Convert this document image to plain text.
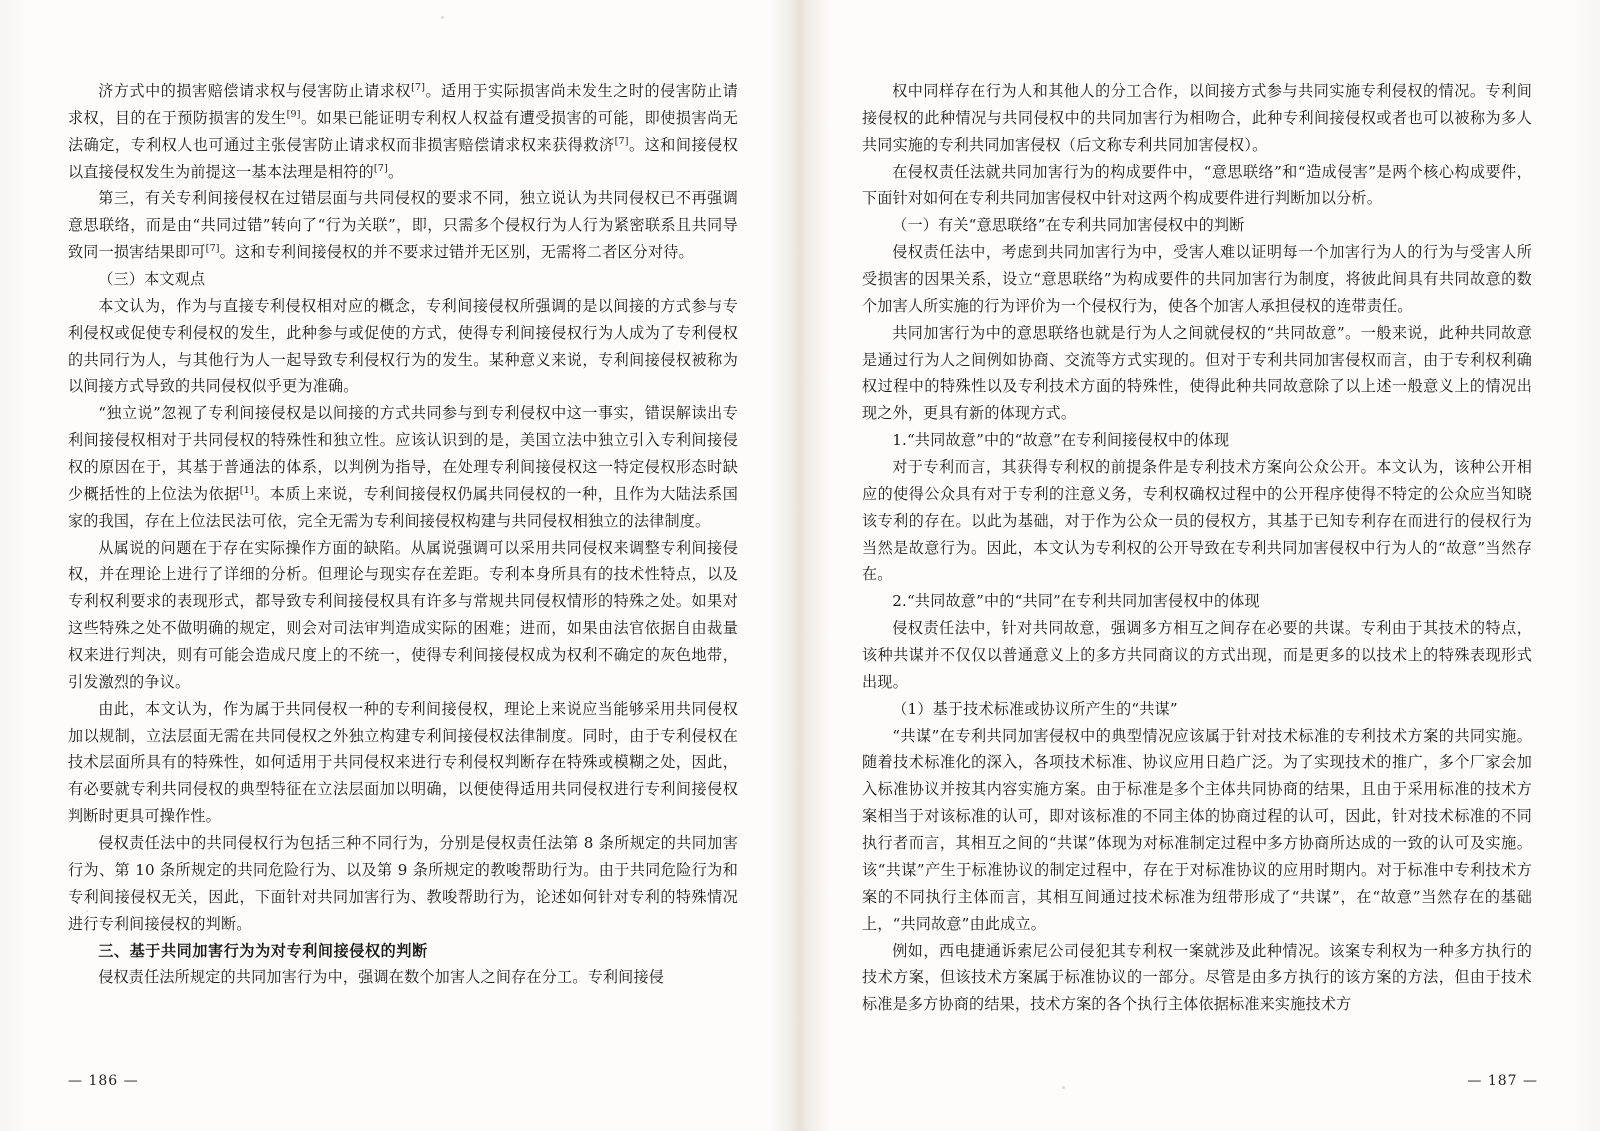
济方式中的损害赔偿请求权与侵害防止请求权[7]。适用于实际损害尚未发生之时的侵害防止请求权，目的在于预防损害的发生[9]。如果已能证明专利权人权益有遭受损害的可能，即使损害尚无法确定，专利权人也可通过主张侵害防止请求权而非损害赔偿请求权来获得救济[7]。这和间接侵权以直接侵权发生为前提这一基本法理是相符的[7]。

第三，有关专利间接侵权在过错层面与共同侵权的要求不同，独立说认为共同侵权已不再强调意思联络，而是由“共同过错”转向了“行为关联”，即，只需多个侵权行为人行为紧密联系且共同导致同一损害结果即可[7]。这和专利间接侵权的并不要求过错并无区别，无需将二者区分对待。

（三）本文观点

本文认为，作为与直接专利侵权相对应的概念，专利间接侵权所强调的是以间接的方式参与专利侵权或促使专利侵权的发生，此种参与或促使的方式，使得专利间接侵权行为人成为了专利侵权的共同行为人，与其他行为人一起导致专利侵权行为的发生。某种意义来说，专利间接侵权被称为以间接方式导致的共同侵权似乎更为准确。

“独立说”忽视了专利间接侵权是以间接的方式共同参与到专利侵权中这一事实，错误解读出专利间接侵权相对于共同侵权的特殊性和独立性。应该认识到的是，美国立法中独立引入专利间接侵权的原因在于，其基于普通法的体系，以判例为指导，在处理专利间接侵权这一特定侵权形态时缺少概括性的上位法为依据[1]。本质上来说，专利间接侵权仍属共同侵权的一种，且作为大陆法系国家的我国，存在上位法民法可依，完全无需为专利间接侵权构建与共同侵权相独立的法律制度。

从属说的问题在于存在实际操作方面的缺陷。从属说强调可以采用共同侵权来调整专利间接侵权，并在理论上进行了详细的分析。但理论与现实存在差距。专利本身所具有的技术性特点，以及专利权利要求的表现形式，都导致专利间接侵权具有许多与常规共同侵权情形的特殊之处。如果对这些特殊之处不做明确的规定，则会对司法审判造成实际的困难；进而，如果由法官依据自由裁量权来进行判决，则有可能会造成尺度上的不统一，使得专利间接侵权成为权利不确定的灰色地带，引发激烈的争议。

由此，本文认为，作为属于共同侵权一种的专利间接侵权，理论上来说应当能够采用共同侵权加以规制，立法层面无需在共同侵权之外独立构建专利间接侵权法律制度。同时，由于专利侵权在技术层面所具有的特殊性，如何适用于共同侵权来进行专利侵权判断存在特殊或模糊之处，因此，有必要就专利共同侵权的典型特征在立法层面加以明确，以便使得适用共同侵权进行专利间接侵权判断时更具可操作性。

侵权责任法中的共同侵权行为包括三种不同行为，分别是侵权责任法第 8 条所规定的共同加害行为、第 10 条所规定的共同危险行为、以及第 9 条所规定的教唆帮助行为。由于共同危险行为和专利间接侵权无关，因此，下面针对共同加害行为、教唆帮助行为，论述如何针对专利的特殊情况进行专利间接侵权的判断。

三、基于共同加害行为为对专利间接侵权的判断

侵权责任法所规定的共同加害行为中，强调在数个加害人之间存在分工。专利间接侵

— 186 —

权中同样存在行为人和其他人的分工合作，以间接方式参与共同实施专利侵权的情况。专利间接侵权的此种情况与共同侵权中的共同加害行为相吻合，此种专利间接侵权或者也可以被称为多人共同实施的专利共同加害侵权（后文称专利共同加害侵权）。

在侵权责任法就共同加害行为的构成要件中，“意思联络”和“造成侵害”是两个核心构成要件，下面针对如何在专利共同加害侵权中针对这两个构成要件进行判断加以分析。

（一）有关“意思联络”在专利共同加害侵权中的判断

侵权责任法中，考虑到共同加害行为中，受害人难以证明每一个加害行为人的行为与受害人所受损害的因果关系，设立“意思联络”为构成要件的共同加害行为制度，将彼此间具有共同故意的数个加害人所实施的行为评价为一个侵权行为，使各个加害人承担侵权的连带责任。

共同加害行为中的意思联络也就是行为人之间就侵权的“共同故意”。一般来说，此种共同故意是通过行为人之间例如协商、交流等方式实现的。但对于专利共同加害侵权而言，由于专利权利确权过程中的特殊性以及专利技术方面的特殊性，使得此种共同故意除了以上述一般意义上的情况出现之外，更具有新的体现方式。

1.“共同故意”中的“故意”在专利间接侵权中的体现

对于专利而言，其获得专利权的前提条件是专利技术方案向公众公开。本文认为，该种公开相应的使得公众具有对于专利的注意义务，专利权确权过程中的公开程序使得不特定的公众应当知晓该专利的存在。以此为基础，对于作为公众一员的侵权方，其基于已知专利存在而进行的侵权行为当然是故意行为。因此，本文认为专利权的公开导致在专利共同加害侵权中行为人的“故意”当然存在。

2.“共同故意”中的“共同”在专利共同加害侵权中的体现

侵权责任法中，针对共同故意，强调多方相互之间存在必要的共谋。专利由于其技术的特点，该种共谋并不仅仅以普通意义上的多方共同商议的方式出现，而是更多的以技术上的特殊表现形式出现。

（1）基于技术标准或协议所产生的“共谋”

“共谋”在专利共同加害侵权中的典型情况应该属于针对技术标准的专利技术方案的共同实施。随着技术标准化的深入，各项技术标准、协议应用日趋广泛。为了实现技术的推广，多个厂家会加入标准协议并按其内容实施方案。由于标准是多个主体共同协商的结果，且由于采用标准的技术方案相当于对该标准的认可，即对该标准的不同主体的协商过程的认可，因此，针对技术标准的不同执行者而言，其相互之间的“共谋”体现为对标准制定过程中多方协商所达成的一致的认可及实施。该“共谋”产生于标准协议的制定过程中，存在于对标准协议的应用时期内。对于标准中专利技术方案的不同执行主体而言，其相互间通过技术标准为纽带形成了“共谋”，在“故意”当然存在的基础上，“共同故意”由此成立。

例如，西电捷通诉索尼公司侵犯其专利权一案就涉及此种情况。该案专利权为一种多方执行的技术方案，但该技术方案属于标准协议的一部分。尽管是由多方执行的该方案的方法，但由于技术标准是多方协商的结果，技术方案的各个执行主体依据标准来实施技术方

— 187 —
